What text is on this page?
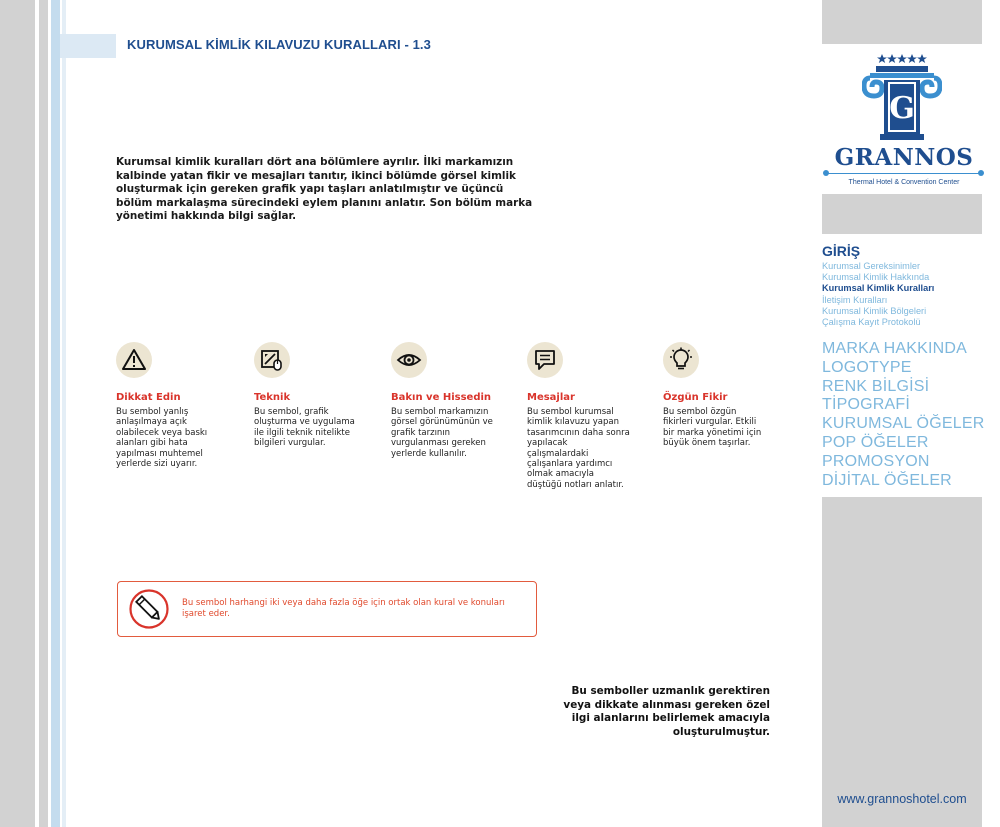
KURUMSAL KİMLİK KILAVUZU KURALLARI - 1.3
Kurumsal kimlik kuralları dört ana bölümlere ayrılır. İlki markamızın kalbinde yatan fikir ve mesajları tanıtır, ikinci bölümde görsel kimlik oluşturmak için gereken grafik yapı taşları anlatılmıştır ve üçüncü bölüm markalaşma sürecindeki eylem planını anlatır. Son bölüm marka yönetimi hakkında bilgi sağlar.
Dikkat Edin
Bu sembol yanlış anlaşılmaya açık olabilecek veya baskı alanları gibi hata yapılması muhtemel yerlerde sizi uyarır.
Teknik
Bu sembol, grafik oluşturma ve uygulama ile ilgili teknik nitelikte bilgileri vurgular.
Bakın ve Hissedin
Bu sembol markamızın görsel görünümünün ve grafik tarzının vurgulanması gereken yerlerde kullanılır.
Mesajlar
Bu sembol kurumsal kimlik kılavuzu yapan tasarımcının daha sonra yapılacak çalışmalardaki çalışanlara yardımcı olmak amacıyla düştüğü notları anlatır.
Özgün Fikir
Bu sembol özgün fikirleri vurgular. Etkili bir marka yönetimi için büyük önem taşırlar.
Bu sembol harhangi iki veya daha fazla öğe için ortak olan kural ve konuları işaret eder.
Bu semboller uzmanlık gerektiren veya dikkate alınması gereken özel ilgi alanlarını belirlemek amacıyla oluşturulmuştur.
G
GRANNOS
Thermal Hotel & Convention Center
GİRİŞ
Kurumsal Gereksinimler
Kurumsal Kimlik Hakkında
Kurumsal Kimlik Kuralları
İletişim Kuralları
Kurumsal Kimlik Bölgeleri
Çalışma Kayıt Protokolü
MARKA HAKKINDA
LOGOTYPE
RENK BİLGİSİ
TİPOGRAFİ
KURUMSAL ÖĞELER
POP ÖĞELER
PROMOSYON
DİJİTAL ÖĞELER
www.grannoshotel.com
